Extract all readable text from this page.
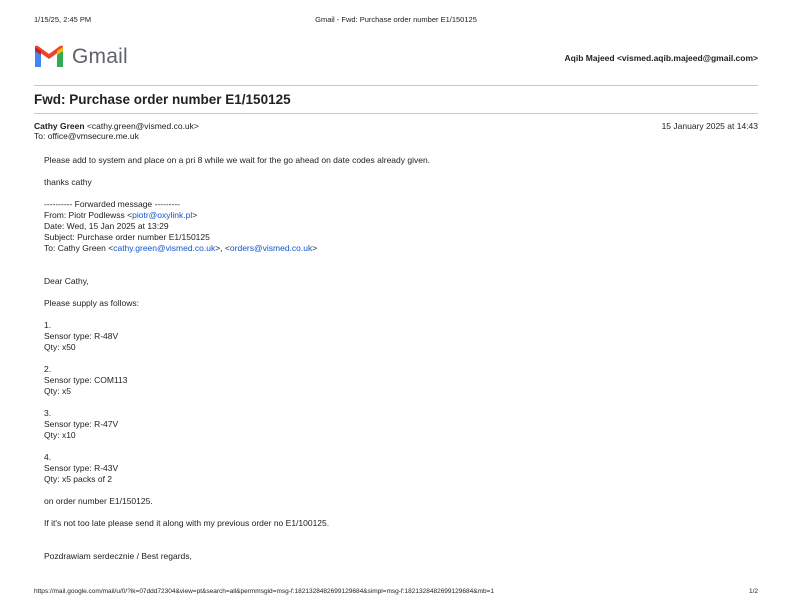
1/15/25, 2:45 PM	Gmail - Fwd: Purchase order number E1/150125
Gmail	Aqib Majeed <vismed.aqib.majeed@gmail.com>
Fwd: Purchase order number E1/150125
Cathy Green <cathy.green@vismed.co.uk>	15 January 2025 at 14:43
To: office@vmsecure.me.uk

Please add to system and place on a pri 8 while we wait for the go ahead on date codes already given.

thanks cathy

---------- Forwarded message ---------

From: Piotr Podlewss <piotr@oxylink.pl>

Date: Wed, 15 Jan 2025 at 13:29

Subject: Purchase order number E1/150125

To: Cathy Green <cathy.green@vismed.co.uk>, <orders@vismed.co.uk>

Dear Cathy,

Please supply as follows:

1.

Sensor type: R-48V

Qty: x50

2.

Sensor type: COM113

Qty: x5

3.

Sensor type: R-47V

Qty: x10

4.

Sensor type: R-43V

Qty: x5 packs of 2

on order number E1/150125.

If it's not too late please send it along with my previous order no E1/100125.

Pozdrawiam serdecznie / Best regards,

https://mail.google.com/mail/u/0/?ik=07ddd72304&view=pt&search=all&permmsgid=msg-f:1821328482699129684&simpl=msg-f:1821328482699129684&mb=1	1/2
